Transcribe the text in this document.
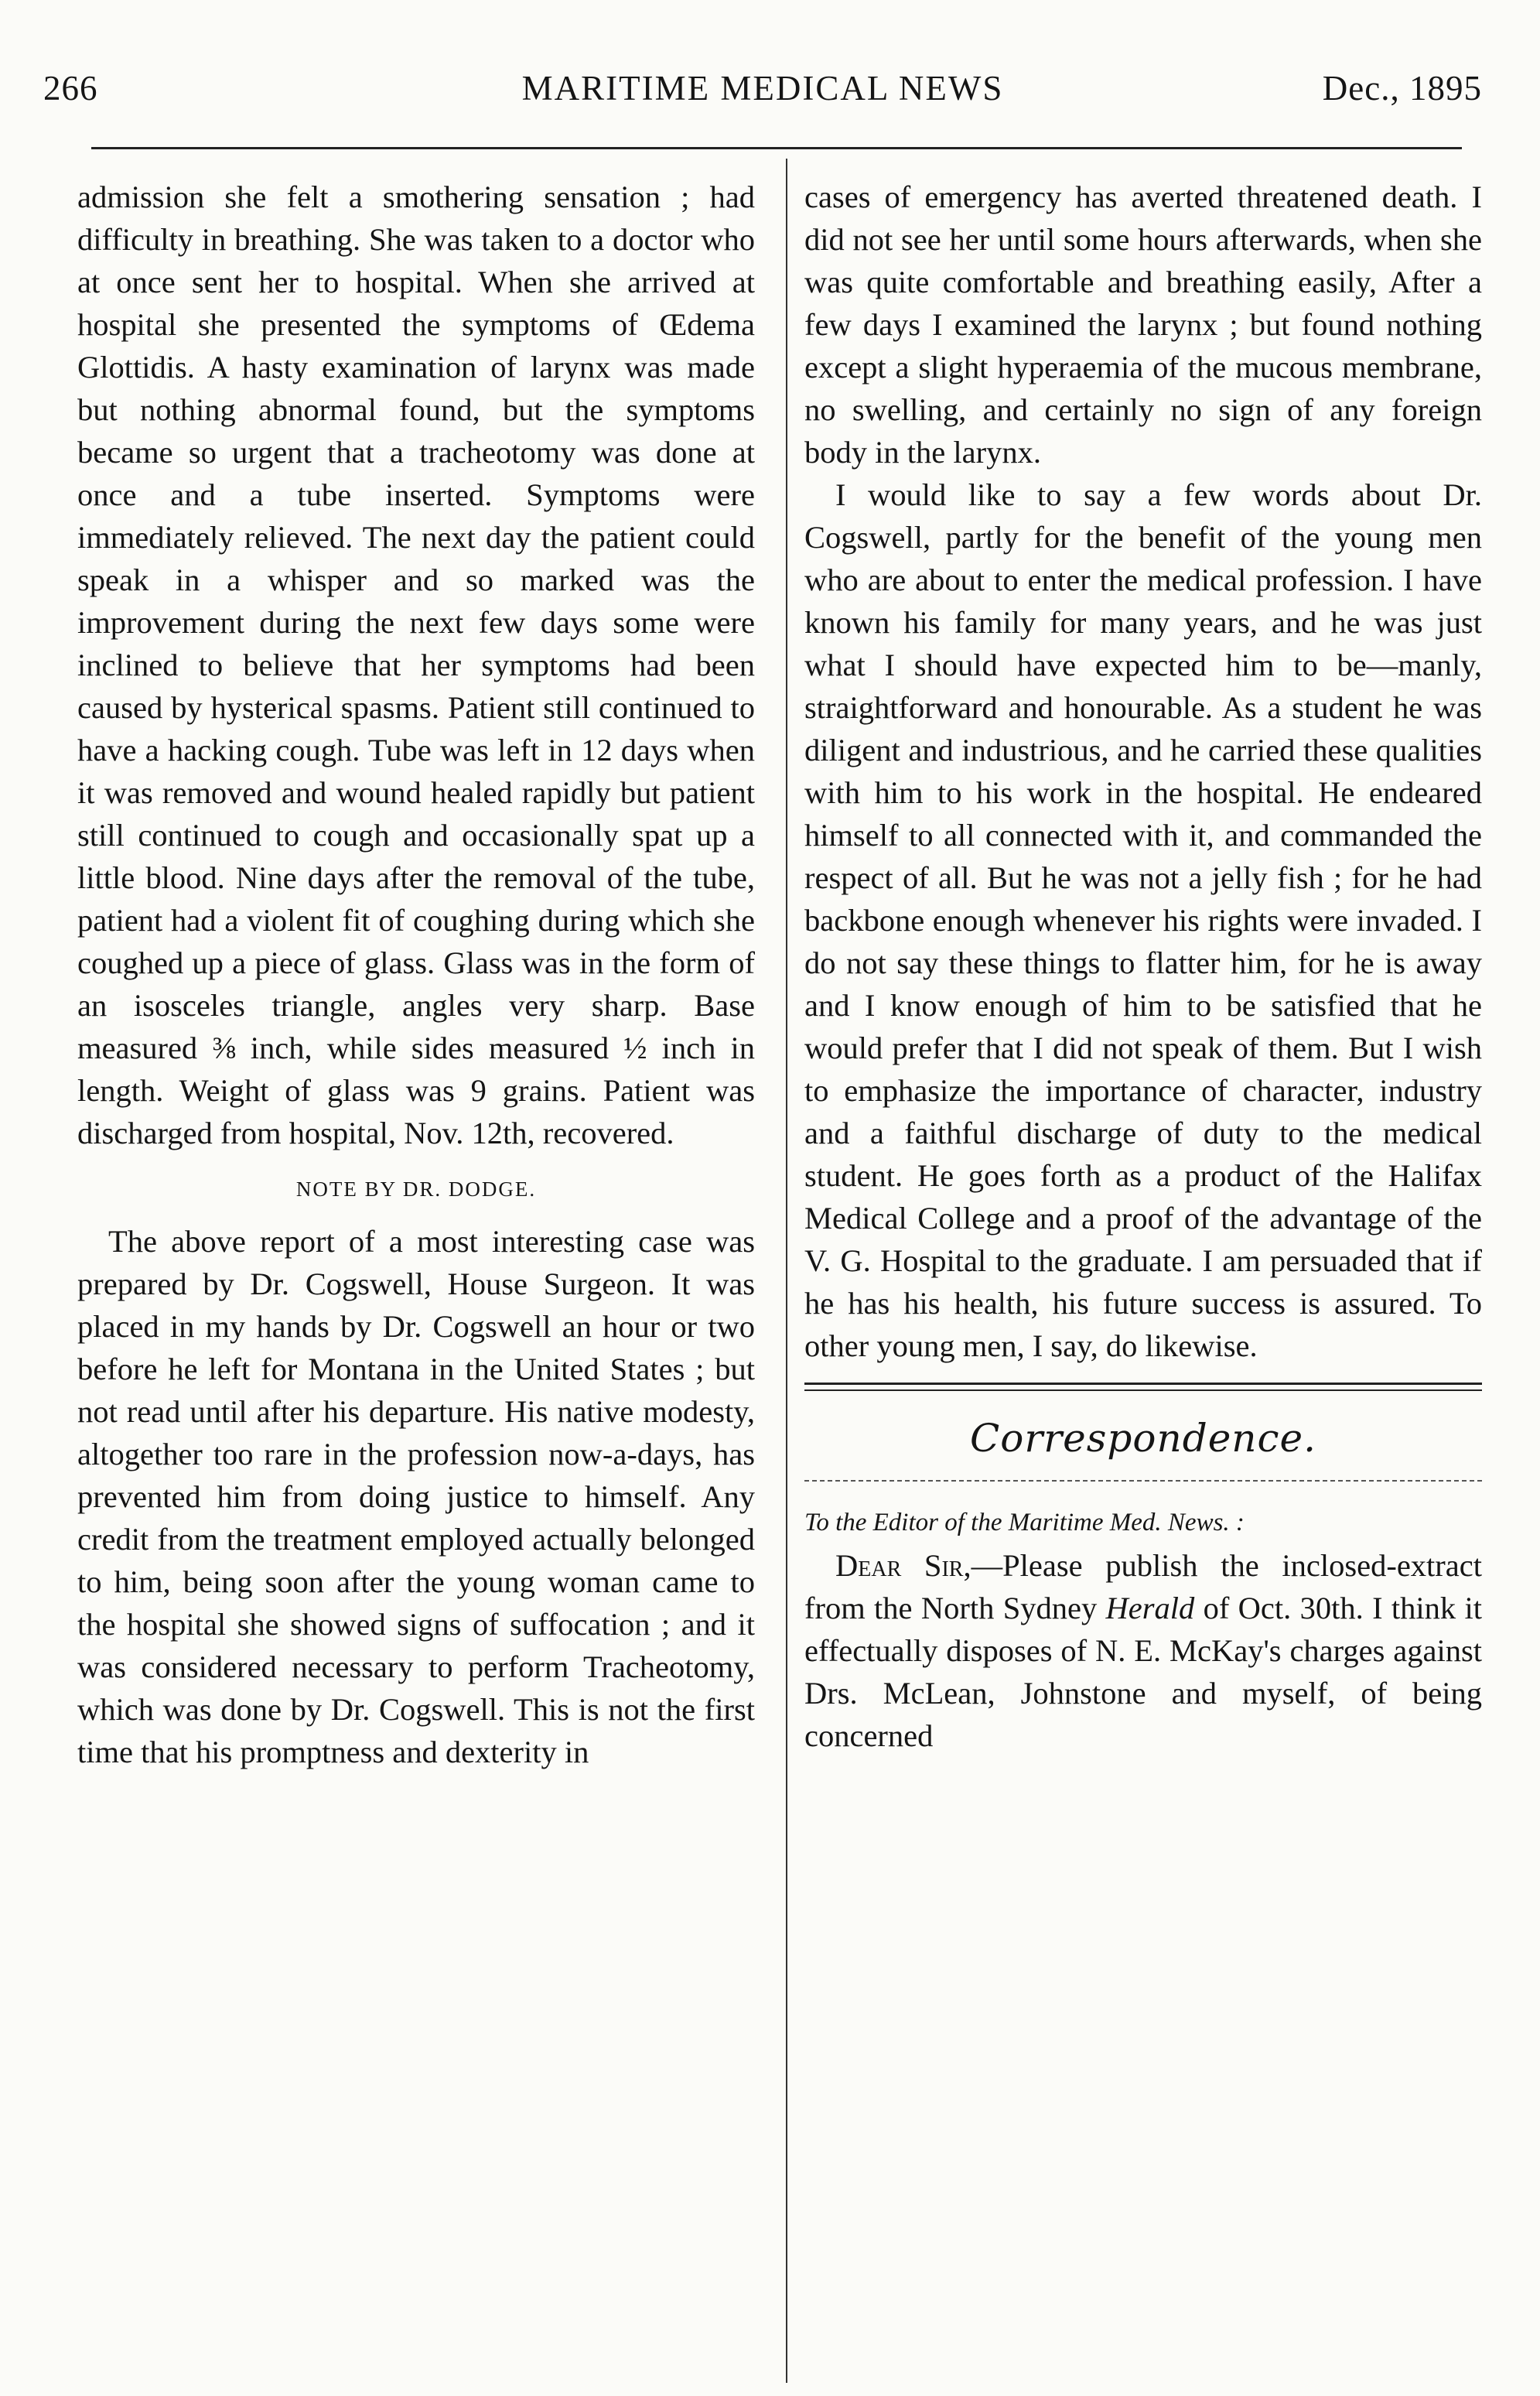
266	MARITIME MEDICAL NEWS	Dec., 1895

admission she felt a smothering sensation ; had difficulty in breathing. She was taken to a doctor who at once sent her to hospital. When she arrived at hospital she presented the symptoms of Œdema Glottidis. A hasty examination of larynx was made but nothing abnormal found, but the symptoms became so urgent that a tracheotomy was done at once and a tube inserted. Symptoms were immediately relieved. The next day the patient could speak in a whisper and so marked was the improvement during the next few days some were inclined to believe that her symptoms had been caused by hysterical spasms. Patient still continued to have a hacking cough. Tube was left in 12 days when it was removed and wound healed rapidly but patient still continued to cough and occasionally spat up a little blood. Nine days after the removal of the tube, patient had a violent fit of coughing during which she coughed up a piece of glass. Glass was in the form of an isosceles triangle, angles very sharp. Base measured ⅜ inch, while sides measured ½ inch in length. Weight of glass was 9 grains. Patient was discharged from hospital, Nov. 12th, recovered.

NOTE BY DR. DODGE.

The above report of a most interesting case was prepared by Dr. Cogswell, House Surgeon. It was placed in my hands by Dr. Cogswell an hour or two before he left for Montana in the United States ; but not read until after his departure. His native modesty, altogether too rare in the profession now-a-days, has prevented him from doing justice to himself. Any credit from the treatment employed actually belonged to him, being soon after the young woman came to the hospital she showed signs of suffocation ; and it was considered necessary to perform Tracheotomy, which was done by Dr. Cogswell. This is not the first time that his promptness and dexterity in

cases of emergency has averted threatened death. I did not see her until some hours afterwards, when she was quite comfortable and breathing easily, After a few days I examined the larynx ; but found nothing except a slight hyperaemia of the mucous membrane, no swelling, and certainly no sign of any foreign body in the larynx.

I would like to say a few words about Dr. Cogswell, partly for the benefit of the young men who are about to enter the medical profession. I have known his family for many years, and he was just what I should have expected him to be—manly, straightforward and honourable. As a student he was diligent and industrious, and he carried these qualities with him to his work in the hospital. He endeared himself to all connected with it, and commanded the respect of all. But he was not a jelly fish ; for he had backbone enough whenever his rights were invaded. I do not say these things to flatter him, for he is away and I know enough of him to be satisfied that he would prefer that I did not speak of them. But I wish to emphasize the importance of character, industry and a faithful discharge of duty to the medical student. He goes forth as a product of the Halifax Medical College and a proof of the advantage of the V. G. Hospital to the graduate. I am persuaded that if he has his health, his future success is assured. To other young men, I say, do likewise.

Correspondence.

To the Editor of the Maritime Med. News. :

Dear Sir,—Please publish the inclosed-extract from the North Sydney Herald of Oct. 30th. I think it effectually disposes of N. E. McKay's charges against Drs. McLean, Johnstone and myself, of being concerned
